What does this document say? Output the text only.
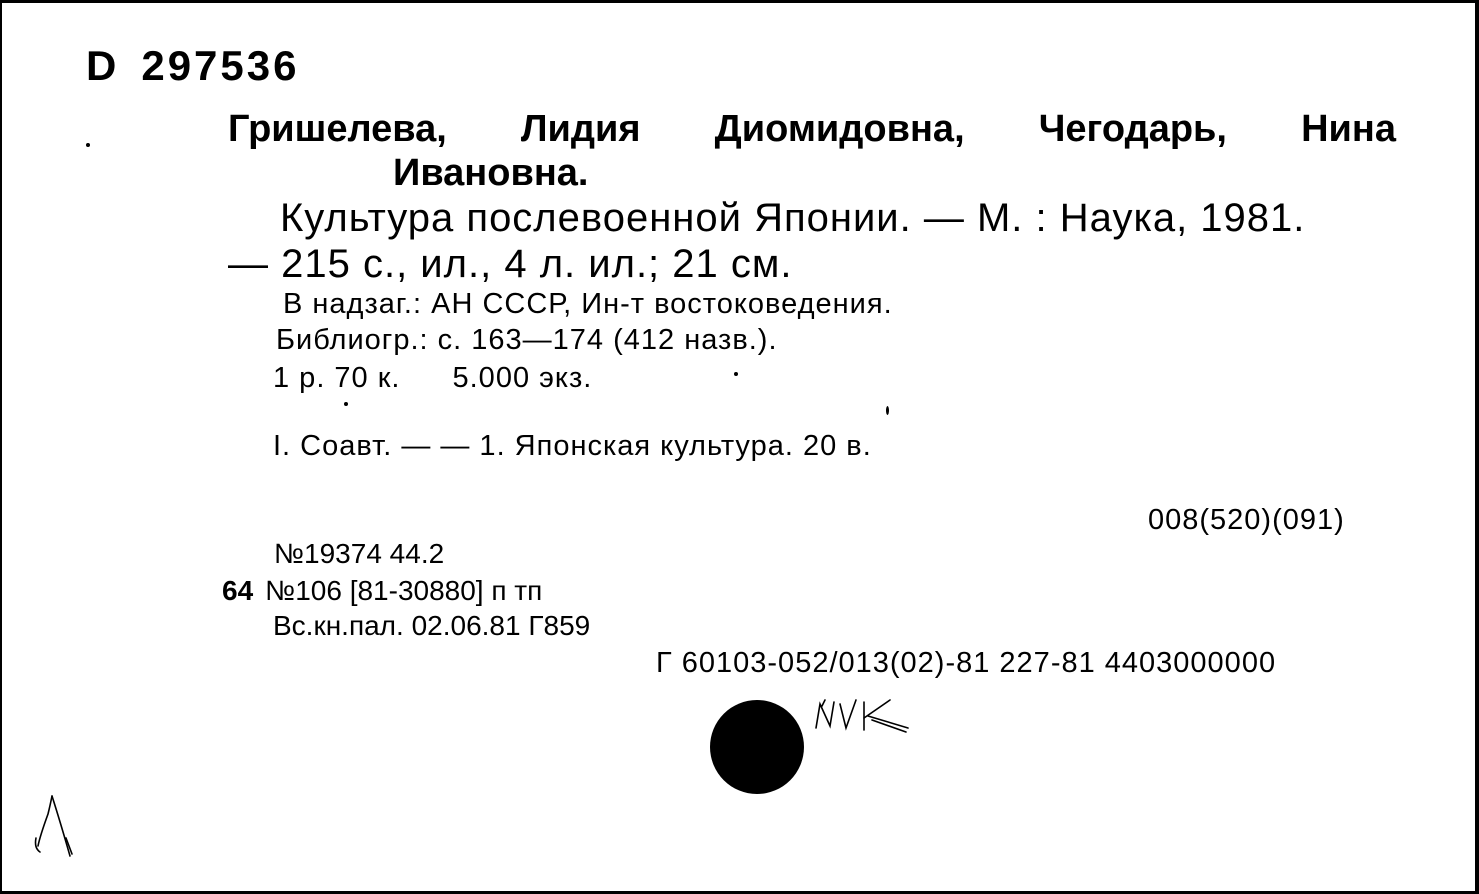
D 297536
Гришелева, Лидия Диомидовна, Чегодарь, Нина
Ивановна.
Культура послевоенной Японии. — М. : Наука, 1981.
— 215 с., ил., 4 л. ил.; 21 см.
В надзаг.: АН СССР, Ин-т востоковедения.
Библиогр.: с. 163—174 (412 назв.).
1 р. 70 к. 5.000 экз.
I. Соавт. — — 1. Японская культура. 20 в.
008(520)(091)
№19374 44.2
64 №106 [81-30880] п тп
Вс.кн.пал. 02.06.81 Г859
Г 60103-052/013(02)-81 227-81 4403000000
